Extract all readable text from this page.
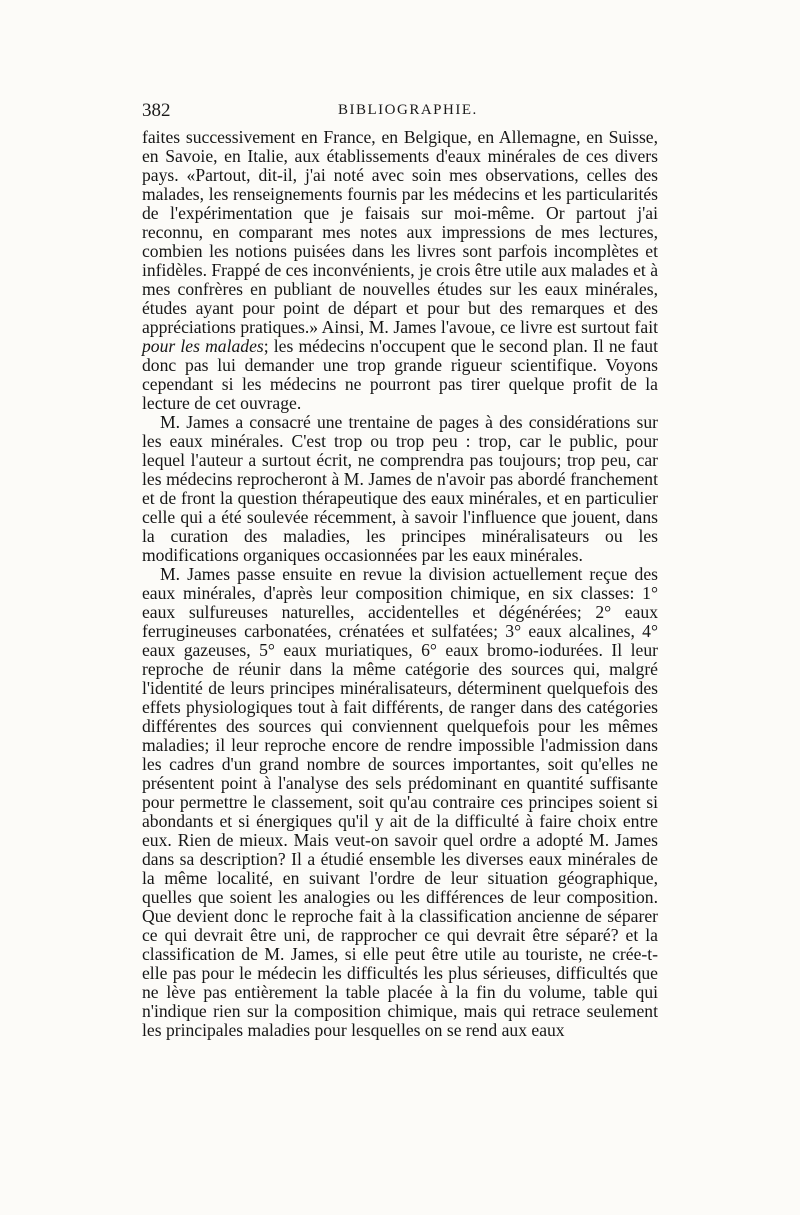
382	BIBLIOGRAPHIE.

faites successivement en France, en Belgique, en Allemagne, en Suisse, en Savoie, en Italie, aux établissements d'eaux minérales de ces divers pays. «Partout, dit-il, j'ai noté avec soin mes observations, celles des malades, les renseignements fournis par les médecins et les particularités de l'expérimentation que je faisais sur moi-même. Or partout j'ai reconnu, en comparant mes notes aux impressions de mes lectures, combien les notions puisées dans les livres sont parfois incomplètes et infidèles. Frappé de ces inconvénients, je crois être utile aux malades et à mes confrères en publiant de nouvelles études sur les eaux minérales, études ayant pour point de départ et pour but des remarques et des appréciations pratiques.» Ainsi, M. James l'avoue, ce livre est surtout fait pour les malades; les médecins n'occupent que le second plan. Il ne faut donc pas lui demander une trop grande rigueur scientifique. Voyons cependant si les médecins ne pourront pas tirer quelque profit de la lecture de cet ouvrage.

M. James a consacré une trentaine de pages à des considérations sur les eaux minérales. C'est trop ou trop peu : trop, car le public, pour lequel l'auteur a surtout écrit, ne comprendra pas toujours; trop peu, car les médecins reprocheront à M. James de n'avoir pas abordé franchement et de front la question thérapeutique des eaux minérales, et en particulier celle qui a été soulevée récemment, à savoir l'influence que jouent, dans la curation des maladies, les principes minéralisateurs ou les modifications organiques occasionnées par les eaux minérales.

M. James passe ensuite en revue la division actuellement reçue des eaux minérales, d'après leur composition chimique, en six classes: 1° eaux sulfureuses naturelles, accidentelles et dégénérées; 2° eaux ferrugineuses carbonatées, crénatées et sulfatées; 3° eaux alcalines, 4° eaux gazeuses, 5° eaux muriatiques, 6° eaux bromo-iodurées. Il leur reproche de réunir dans la même catégorie des sources qui, malgré l'identité de leurs principes minéralisateurs, déterminent quelquefois des effets physiologiques tout à fait différents, de ranger dans des catégories différentes des sources qui conviennent quelquefois pour les mêmes maladies; il leur reproche encore de rendre impossible l'admission dans les cadres d'un grand nombre de sources importantes, soit qu'elles ne présentent point à l'analyse des sels prédominant en quantité suffisante pour permettre le classement, soit qu'au contraire ces principes soient si abondants et si énergiques qu'il y ait de la difficulté à faire choix entre eux. Rien de mieux. Mais veut-on savoir quel ordre a adopté M. James dans sa description? Il a étudié ensemble les diverses eaux minérales de la même localité, en suivant l'ordre de leur situation géographique, quelles que soient les analogies ou les différences de leur composition. Que devient donc le reproche fait à la classification ancienne de séparer ce qui devrait être uni, de rapprocher ce qui devrait être séparé? et la classification de M. James, si elle peut être utile au touriste, ne crée-t-elle pas pour le médecin les difficultés les plus sérieuses, difficultés que ne lève pas entièrement la table placée à la fin du volume, table qui n'indique rien sur la composition chimique, mais qui retrace seulement les principales maladies pour lesquelles on se rend aux eaux
